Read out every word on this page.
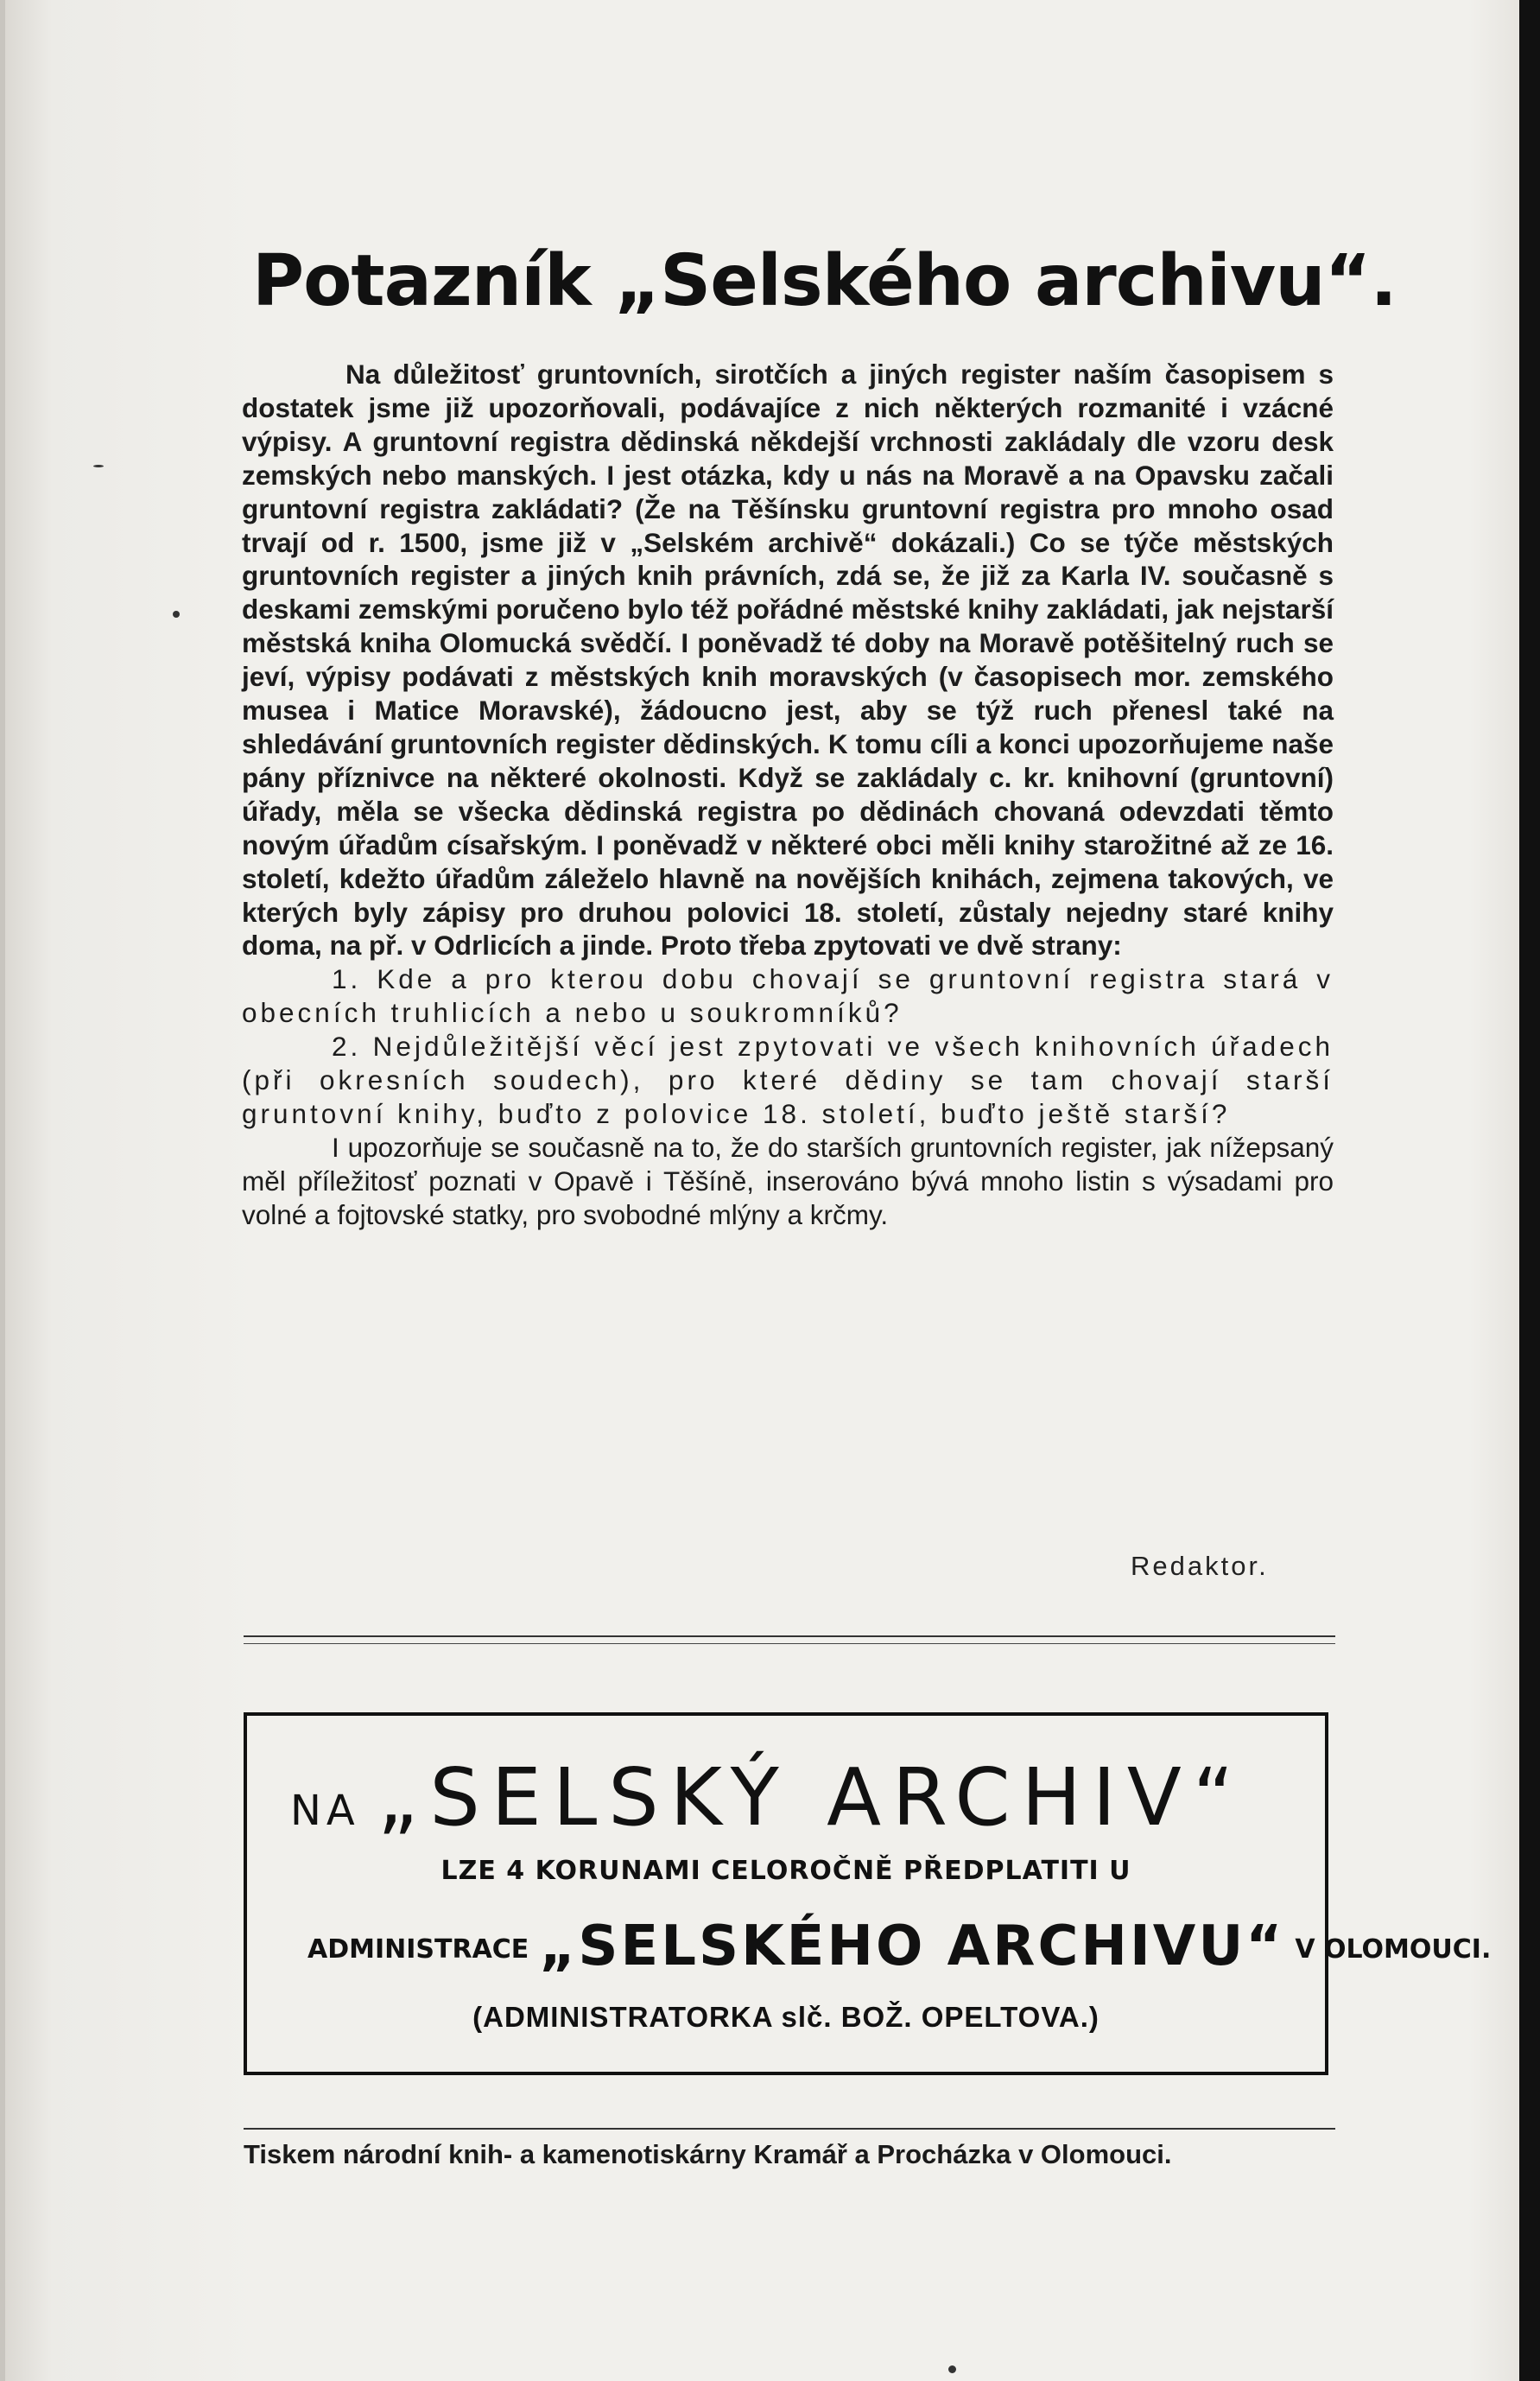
Potazník „Selského archivu“.

Na důležitosť gruntovních, sirotčích a jiných register naším časopisem s dostatek jsme již upozorňovali, podávajíce z nich některých rozmanité i vzácné výpisy. A gruntovní registra dědinská někdejší vrchnosti zakládaly dle vzoru desk zemských nebo manských. I jest otázka, kdy u nás na Moravě a na Opavsku začali gruntovní registra zakládati? (Že na Těšínsku gruntovní registra pro mnoho osad trvají od r. 1500, jsme již v „Selském archivě“ dokázali.) Co se týče městských gruntovních register a jiných knih právních, zdá se, že již za Karla IV. současně s deskami zemskými poručeno bylo též pořádné městské knihy zakládati, jak nejstarší městská kniha Olomucká svědčí. I poněvadž té doby na Moravě potěšitelný ruch se jeví, výpisy podávati z městských knih moravských (v časopisech mor. zemského musea i Matice Moravské), žádoucno jest, aby se týž ruch přenesl také na shledávání gruntovních register dědinských. K tomu cíli a konci upozorňujeme naše pány příznivce na některé okolnosti. Když se zakládaly c. kr. knihovní (gruntovní) úřady, měla se všecka dědinská registra po dědinách chovaná odevzdati těmto novým úřadům císařským. I poněvadž v některé obci měli knihy starožitné až ze 16. století, kdežto úřadům záleželo hlavně na novějších knihách, zejmena takových, ve kterých byly zápisy pro druhou polovici 18. století, zůstaly nejedny staré knihy doma, na př. v Odrlicích a jinde. Proto třeba zpytovati ve dvě strany:

1. Kde a pro kterou dobu chovají se gruntovní registra stará v obecních truhlicích a nebo u soukromníků?

2. Nejdůležitější věcí jest zpytovati ve všech knihovních úřadech (při okresních soudech), pro které dědiny se tam chovají starší gruntovní knihy, buďto z polovice 18. století, buďto ještě starší?

I upozorňuje se současně na to, že do starších gruntovních register, jak nížepsaný měl příležitosť poznati v Opavě i Těšíně, inserováno bývá mnoho listin s výsadami pro volné a fojtovské statky, pro svobodné mlýny a krčmy.

Redaktor.
NA „SELSKÝ ARCHIV“
LZE 4 KORUNAMI CELOROČNĚ PŘEDPLATITI U
ADMINISTRACE „SELSKÉHO ARCHIVU“ V OLOMOUCI.
(ADMINISTRATORKA slč. BOŽ. OPELTOVA.)
Tiskem národní knih- a kamenotiskárny Kramář a Procházka v Olomouci.
